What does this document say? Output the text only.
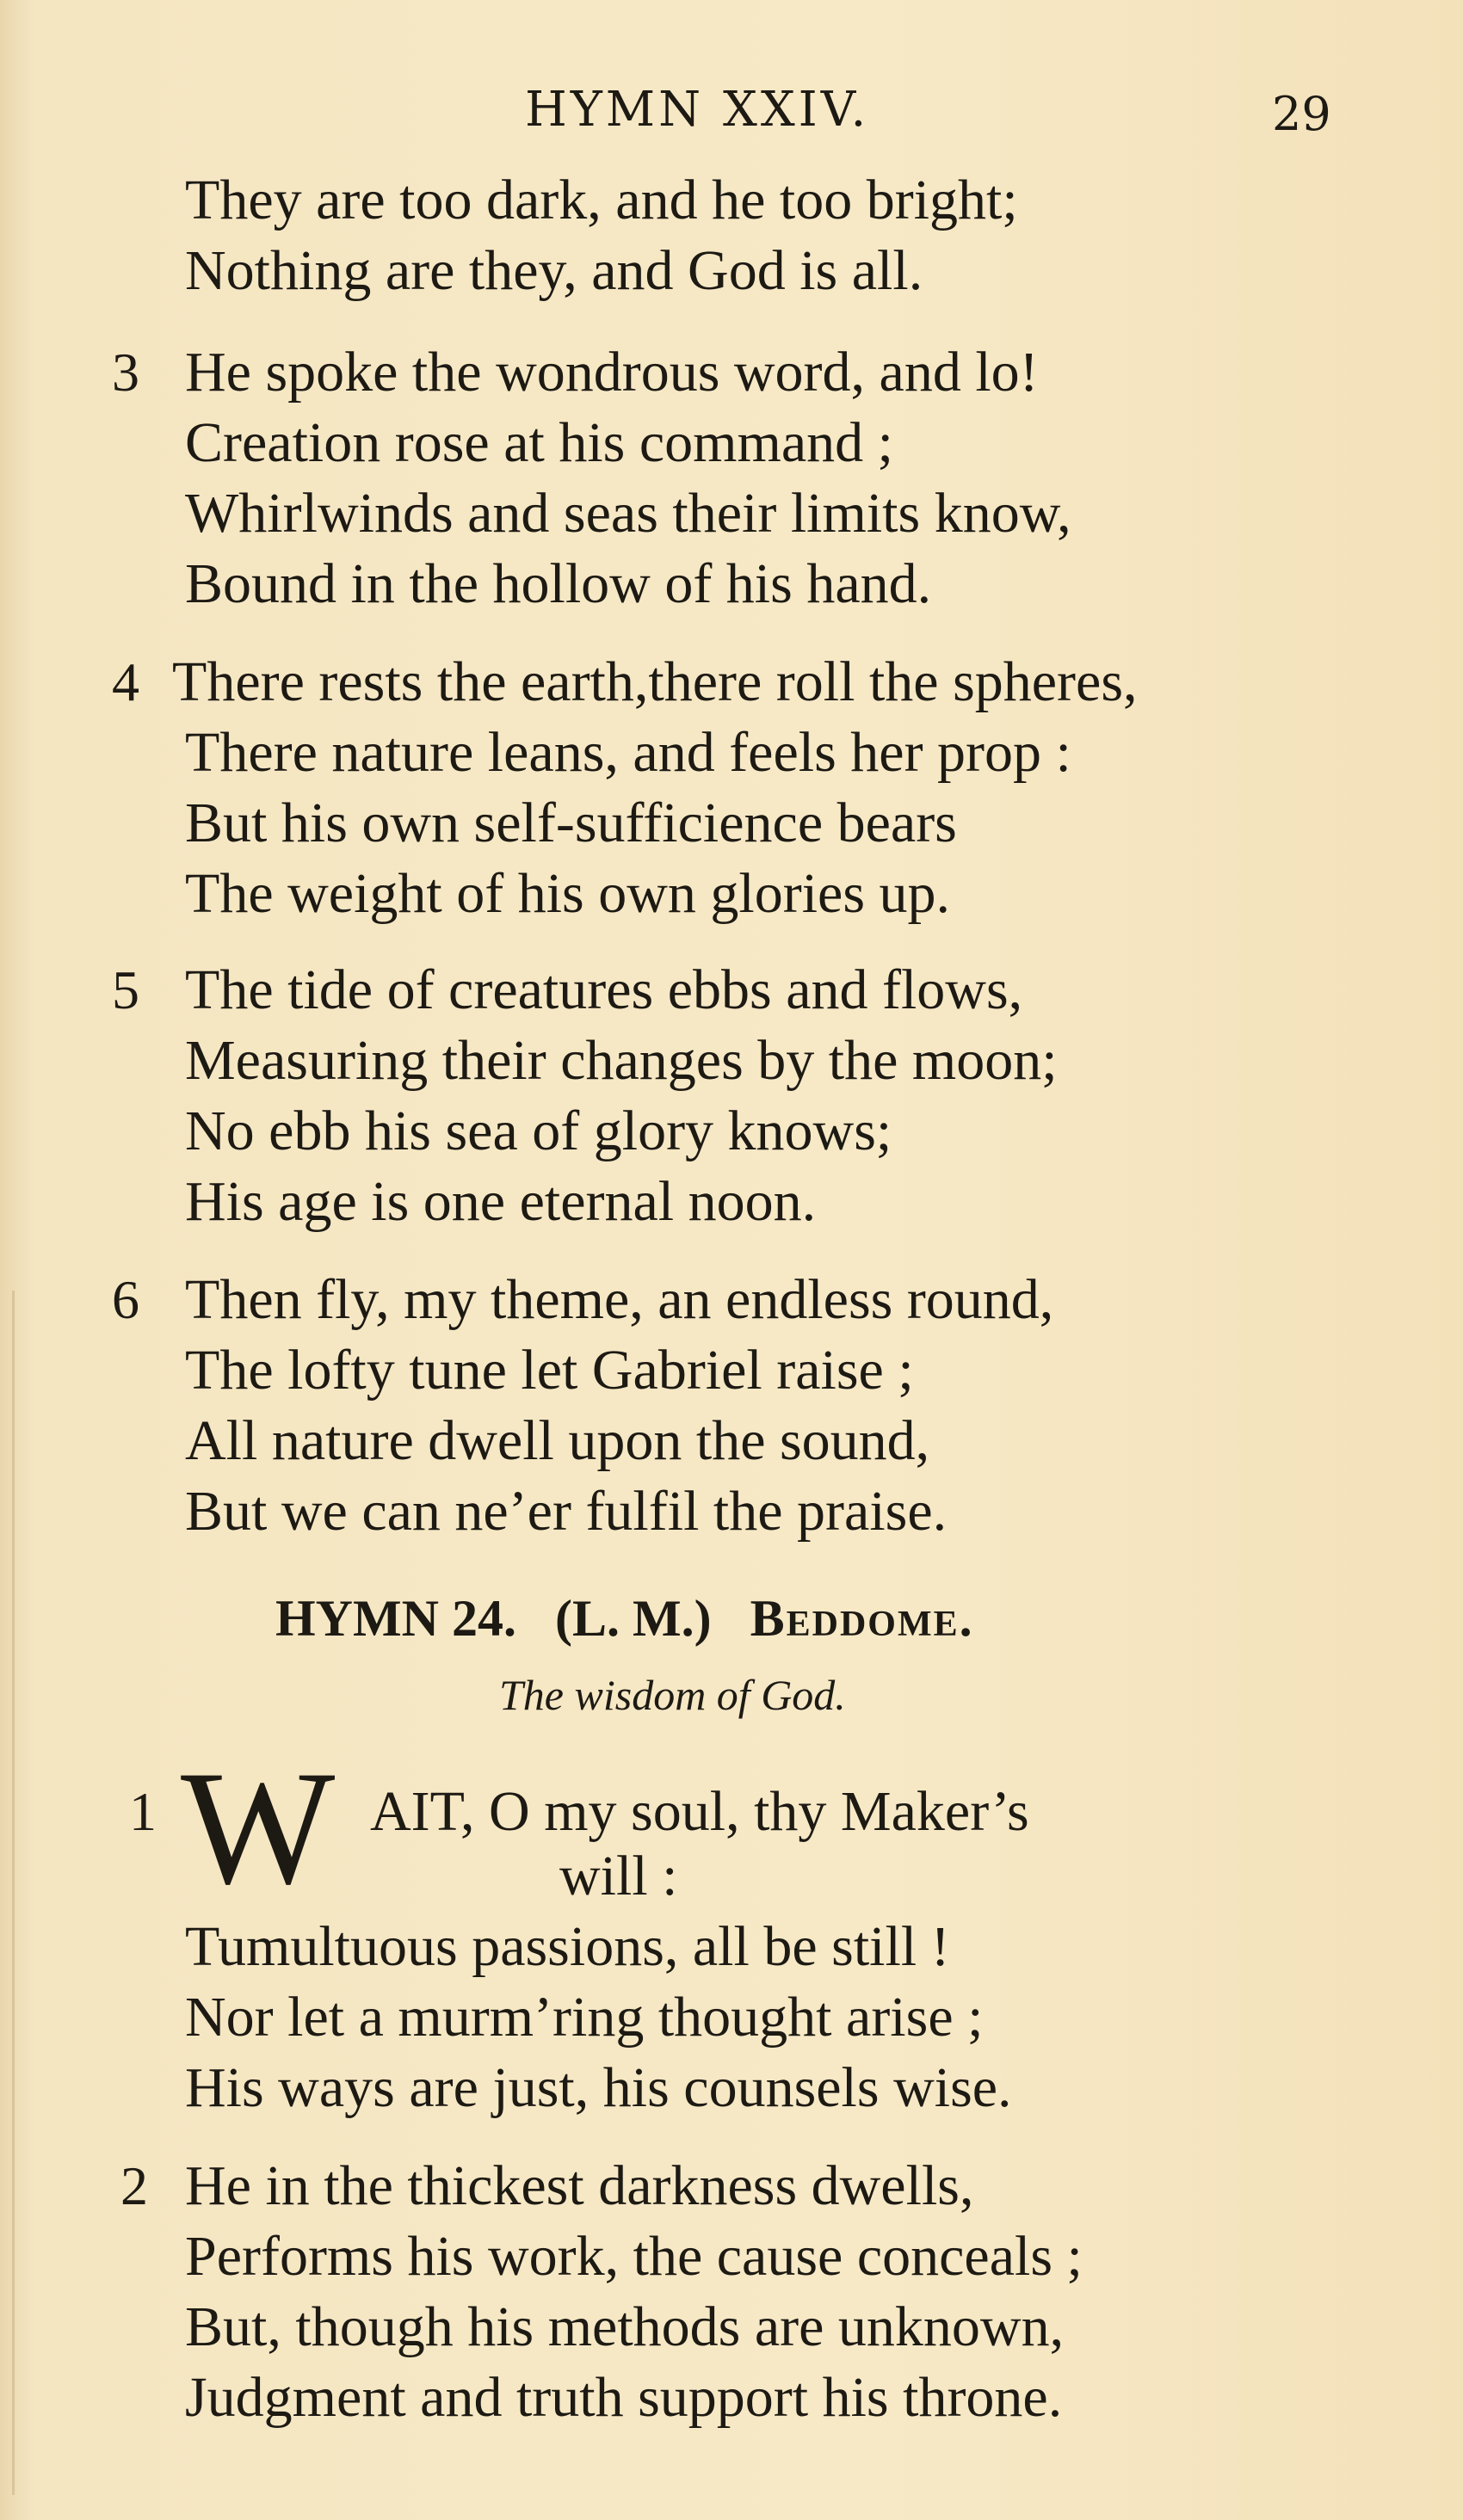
HYMN XXIV.	29
They are too dark, and he too bright;
Nothing are they, and God is all.
3 He spoke the wondrous word, and lo!
Creation rose at his command ;
Whirlwinds and seas their limits know,
Bound in the hollow of his hand.
4 There rests the earth,there roll the spheres,
There nature leans, and feels her prop :
But his own self-sufficience bears
The weight of his own glories up.
5 The tide of creatures ebbs and flows,
Measuring their changes by the moon;
No ebb his sea of glory knows;
His age is one eternal noon.
6 Then fly, my theme, an endless round,
The lofty tune let Gabriel raise ;
All nature dwell upon the sound,
But we can ne’er fulfil the praise.
HYMN 24. (L. M.) Beddome.
The wisdom of God.
1 W AIT, O my soul, thy Maker’s
will :
Tumultuous passions, all be still !
Nor let a murm’ring thought arise ;
His ways are just, his counsels wise.
2 He in the thickest darkness dwells,
Performs his work, the cause conceals ;
But, though his methods are unknown,
Judgment and truth support his throne.
